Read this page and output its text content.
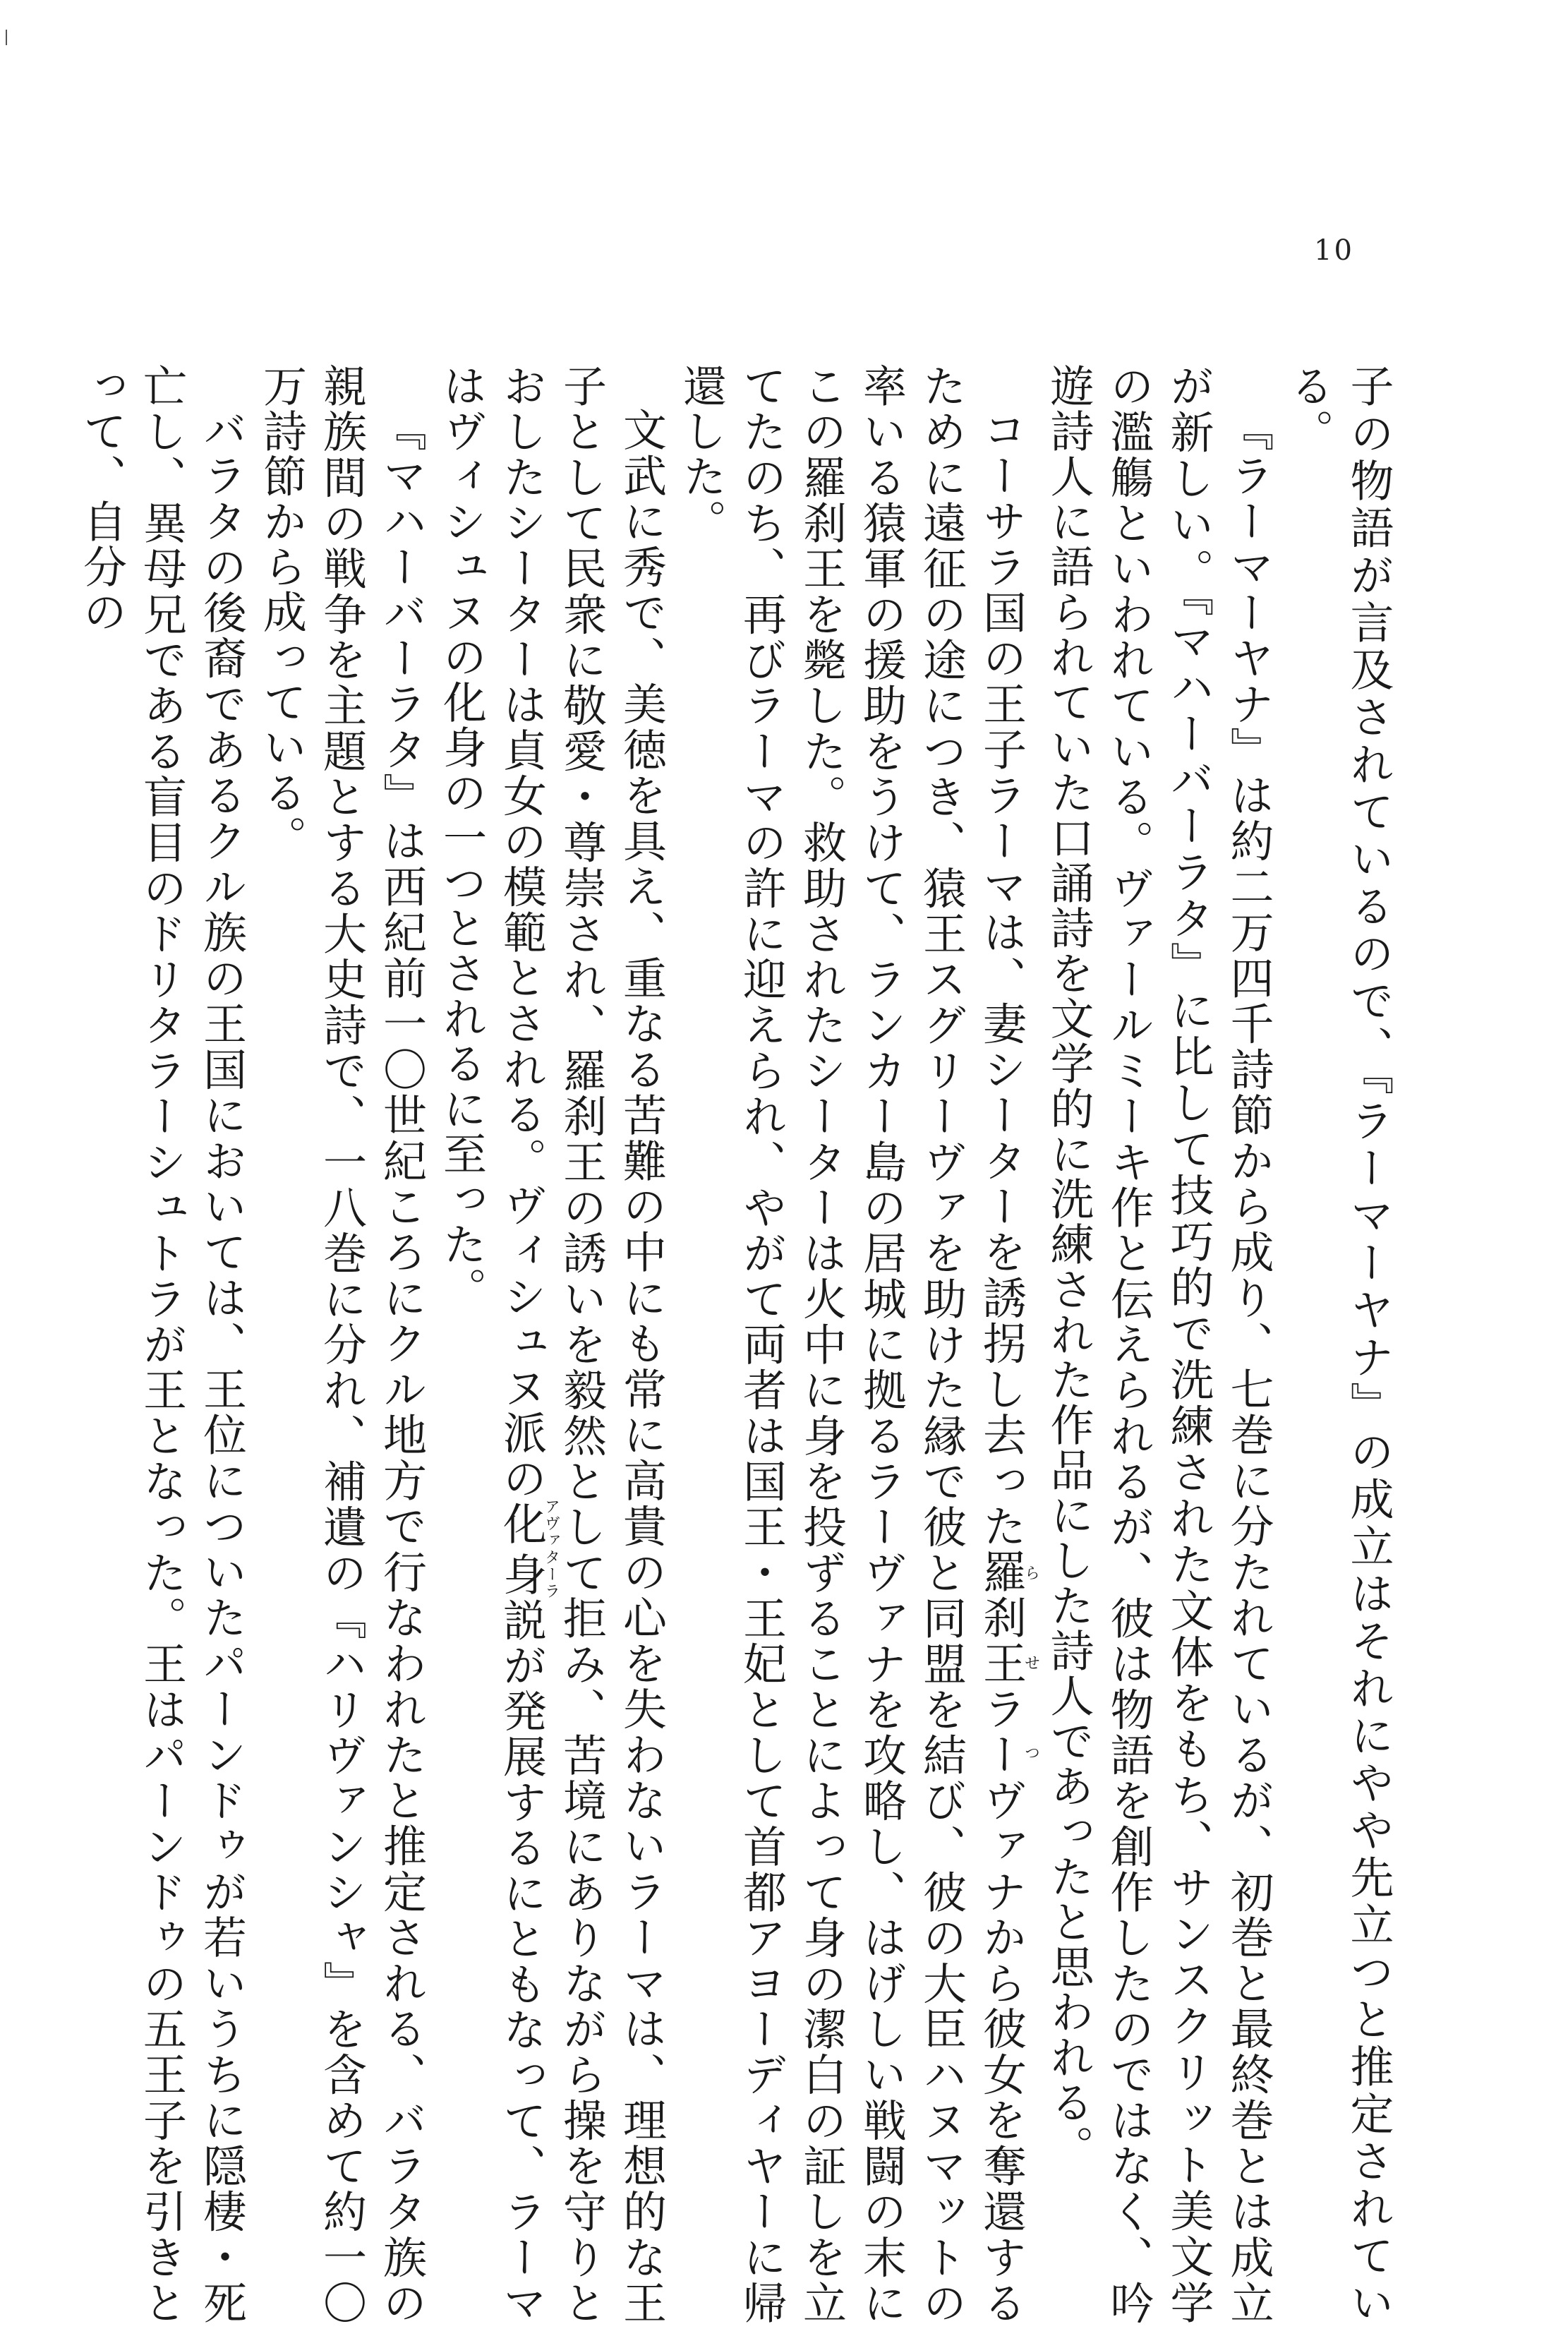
10

子の物語が言及されているので、『ラーマーヤナ』の成立はそれにやや先立つと推定されている。

『ラーマーヤナ』は約二万四千詩節から成り、七巻に分たれているが、初巻と最終巻とは成立が新しい。『マハーバーラタ』に比して技巧的で洗練された文体をもち、サンスクリット美文学の濫觴といわれている。ヴァールミーキ作と伝えられるが、彼は物語を創作したのではなく、吟遊詩人に語られていた口誦詩を文学的に洗練された作品にした詩人であったと思われる。

コーサラ国の王子ラーマは、妻シーターを誘拐し去った羅刹王ラーらせつヴァナから彼女を奪還するために遠征の途につき、猿王スグリーヴァを助けた縁で彼と同盟を結び、彼の大臣ハヌマットの率いる猿軍の援助をうけて、ランカー島の居城に拠るラーヴァナを攻略し、はげしい戦闘の末にこの羅刹王を斃した。救助されたシーターは火中に身を投ずることによって身の潔白の証しを立てたのち、再びラーマの許に迎えられ、やがて両者は国王・王妃として首都アヨーディヤーに帰還した。

文武に秀で、美徳を具え、重なる苦難の中にも常に高貴の心を失わないラーマは、理想的な王子として民衆に敬愛・尊崇され、羅刹王の誘いを毅然として拒み、苦境にありながら操を守りとおしたシーターは貞女の模範とされる。ヴィシュヌ派の化身アヴァターラ説が発展するにともなって、ラーマはヴィシュヌの化身の一つとされるに至った。

『マハーバーラタ』は西紀前一〇世紀ころにクル地方で行なわれたと推定される、バラタ族の親族間の戦争を主題とする大史詩で、一八巻に分れ、補遺の『ハリヴァンシャ』を含めて約一〇万詩節から成っている。

バラタの後裔であるクル族の王国においては、王位についたパーンドゥが若いうちに隠棲・死亡し、異母兄である盲目のドリタラーシュトラが王となった。王はパーンドゥの五王子を引きとって、自分の
